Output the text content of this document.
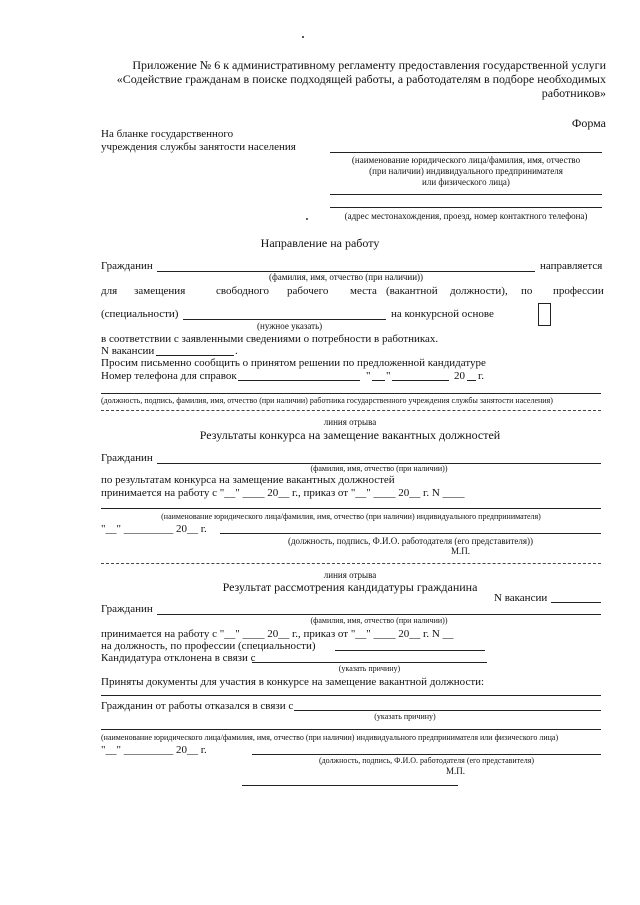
Приложение № 6 к административному регламенту предоставления государственной услуги
«Содействие гражданам в поиске подходящей работы, а работодателям в подборе необходимых
работников»
Форма
На бланке государственного
учреждения службы занятости населения
(наименование юридического лица/фамилия, имя, отчество
(при наличии) индивидуального предпринимателя
или физического лица)
(адрес местонахождения, проезд, номер контактного телефона)
Направление на работу
Гражданин	направляется
(фамилия, имя, отчество (при наличии))
для замещения	свободного рабочего места (вакантной должности), по профессии
(специальности)	на конкурсной основе
(нужное указать)
в соответствии с заявленными сведениями о потребности в работниках.
N вакансии	.
Просим письменно сообщить о принятом решении по предложенной кандидатуре
Номер телефона для справок	" "	20 г.
(должность, подпись, фамилия, имя, отчество (при наличии) работника государственного учреждения службы занятости населения)
линия отрыва
Результаты конкурса на замещение вакантных должностей
Гражданин
(фамилия, имя, отчество (при наличии))
по результатам конкурса на замещение вакантных должностей
принимается на работу с "__" ____ 20__ г., приказ от "__" ____ 20__ г. N ____
(наименование юридического лица/фамилия, имя, отчество (при наличии) индивидуального предпринимателя)
"__" _________ 20__ г.
(должность, подпись, Ф.И.О. работодателя (его представителя))
М.П.
линия отрыва
Результат рассмотрения кандидатуры гражданина
N вакансии
Гражданин
(фамилия, имя, отчество (при наличии))
принимается на работу с "__" ____ 20__ г., приказ от "__" ____ 20__ г. N __
на должность, по профессии (специальности)
Кандидатура отклонена в связи с
(указать причину)
Приняты документы для участия в конкурсе на замещение вакантной должности:
Гражданин от работы отказался в связи с
(указать причину)
(наименование юридического лица/фамилия, имя, отчество (при наличии) индивидуального предпринимателя или физического лица)
"__" _________ 20__ г.
(должность, подпись, Ф.И.О. работодателя (его представителя)
М.П.
